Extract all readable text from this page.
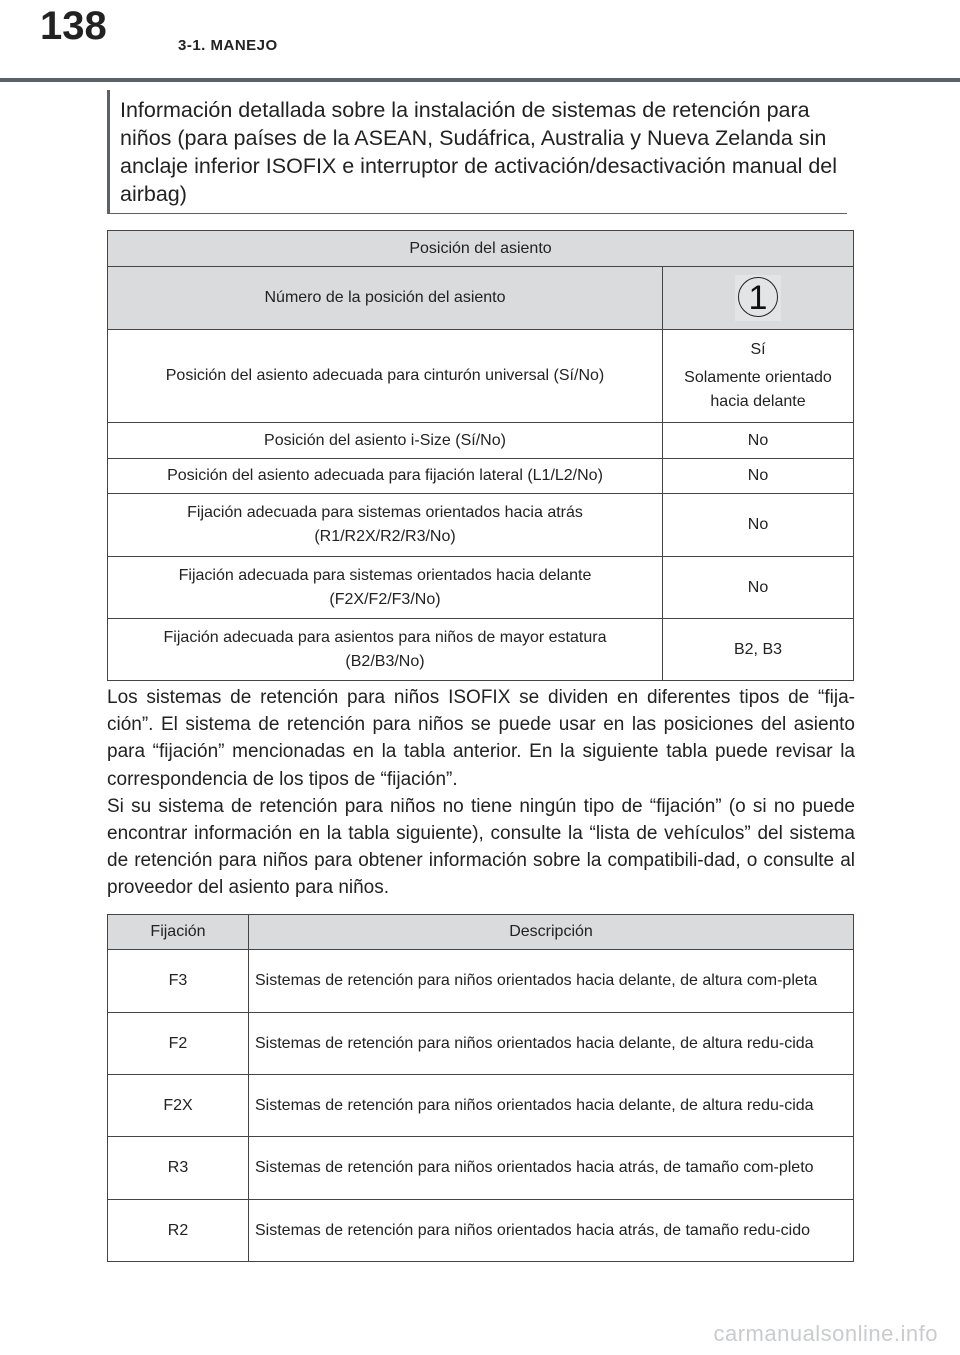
138	3-1. MANEJO
Información detallada sobre la instalación de sistemas de retención para niños (para países de la ASEAN, Sudáfrica, Australia y Nueva Zelanda sin anclaje inferior ISOFIX e interruptor de activación/desactivación manual del airbag)
Posición del asiento	
Número de la posición del asiento	1

Posición del asiento adecuada para cinturón universal (Sí/No)	Sí
Solamente orientado hacia delante

Posición del asiento i-Size (Sí/No)	No
Posición del asiento adecuada para fijación lateral (L1/L2/No)	No

Fijación adecuada para sistemas orientados hacia atrás
(R1/R2X/R2/R3/No)	No

Fijación adecuada para sistemas orientados hacia delante
(F2X/F2/F3/No)	No

Fijación adecuada para asientos para niños de mayor estatura
(B2/B3/No)	B2, B3

Los sistemas de retención para niños ISOFIX se dividen en diferentes tipos de “fija-ción”. El sistema de retención para niños se puede usar en las posiciones del asiento para “fijación” mencionadas en la tabla anterior. En la siguiente tabla puede revisar la correspondencia de los tipos de “fijación”.

Si su sistema de retención para niños no tiene ningún tipo de “fijación” (o si no puede encontrar información en la tabla siguiente), consulte la “lista de vehículos” del sistema de retención para niños para obtener información sobre la compatibili-dad, o consulte al proveedor del asiento para niños.

Fijación	Descripción
F3	Sistemas de retención para niños orientados hacia delante, de altura com-pleta
F2	Sistemas de retención para niños orientados hacia delante, de altura redu-cida
F2X	Sistemas de retención para niños orientados hacia delante, de altura redu-cida
R3	Sistemas de retención para niños orientados hacia atrás, de tamaño com-pleto
R2	Sistemas de retención para niños orientados hacia atrás, de tamaño redu-cido
carmanualsonline.info
